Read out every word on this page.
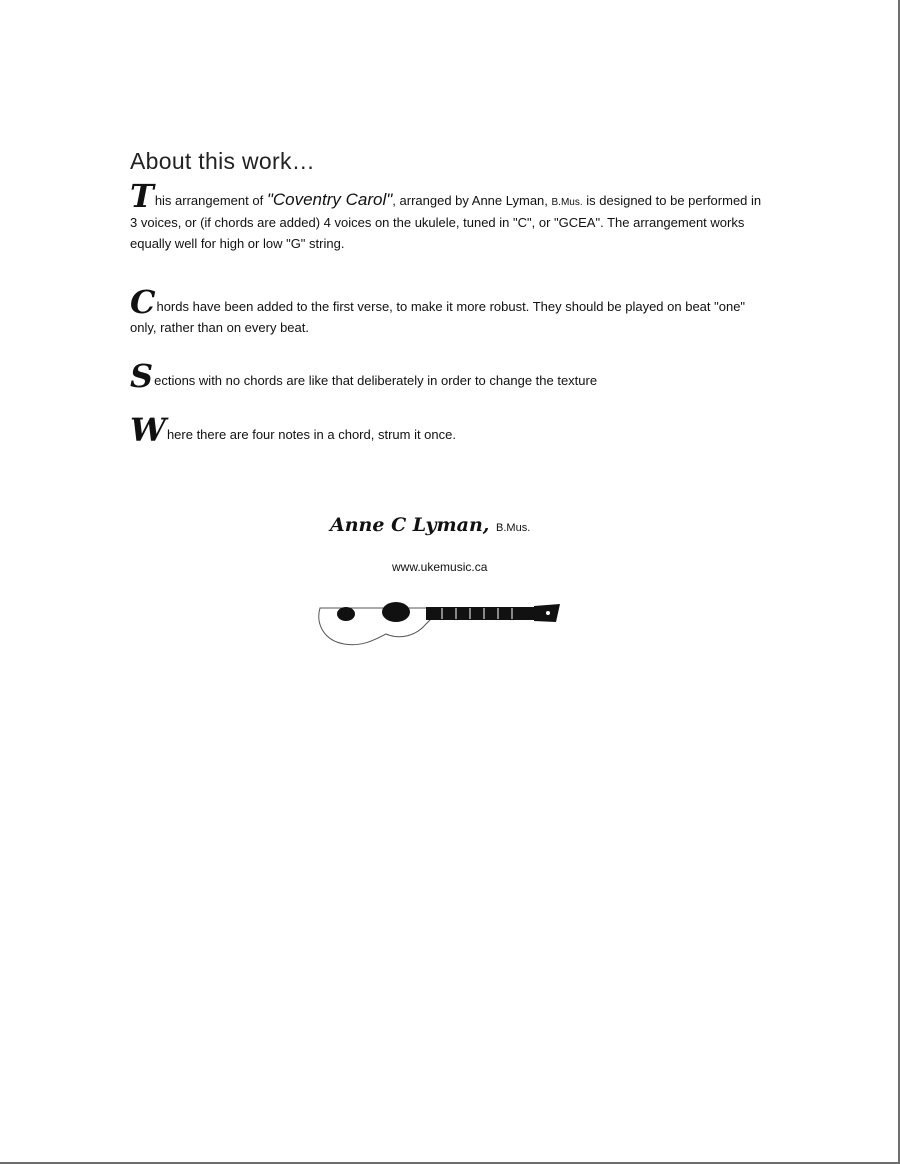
About this work…

This arrangement of "Coventry Carol", arranged by Anne Lyman, B.Mus. is designed to be performed in 3 voices, or (if chords are added) 4 voices on the ukulele, tuned in "C", or "GCEA". The arrangement works equally well for high or low "G" string.

Chords have been added to the first verse, to make it more robust. They should be played on beat "one" only, rather than on every beat.

Sections with no chords are like that deliberately in order to change the texture

Where there are four notes in a chord, strum it once.

Anne C Lyman, B.Mus.
www.ukemusic.ca
